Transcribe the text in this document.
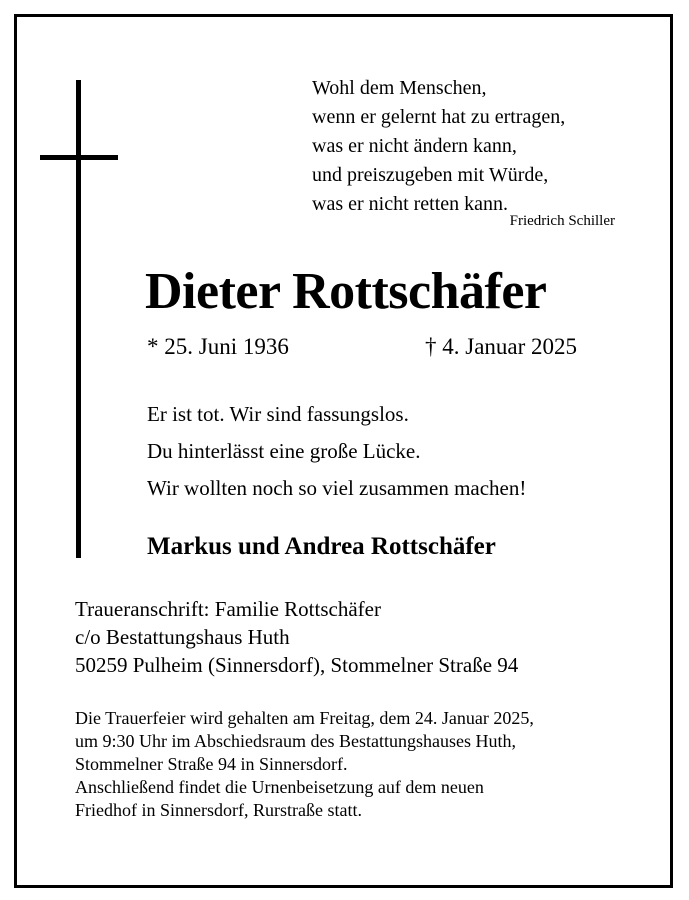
Wohl dem Menschen,
wenn er gelernt hat zu ertragen,
was er nicht ändern kann,
und preiszugeben mit Würde,
was er nicht retten kann.
Friedrich Schiller
Dieter Rottschäfer
* 25. Juni 1936	† 4. Januar 2025
Er ist tot. Wir sind fassungslos.
Du hinterlässt eine große Lücke.
Wir wollten noch so viel zusammen machen!
Markus und Andrea Rottschäfer
Traueranschrift: Familie Rottschäfer
c/o Bestattungshaus Huth
50259 Pulheim (Sinnersdorf), Stommelner Straße 94
Die Trauerfeier wird gehalten am Freitag, dem 24. Januar 2025,
um 9:30 Uhr im Abschiedsraum des Bestattungshauses Huth,
Stommelner Straße 94 in Sinnersdorf.
Anschließend findet die Urnenbeisetzung auf dem neuen
Friedhof in Sinnersdorf, Rurstraße statt.
